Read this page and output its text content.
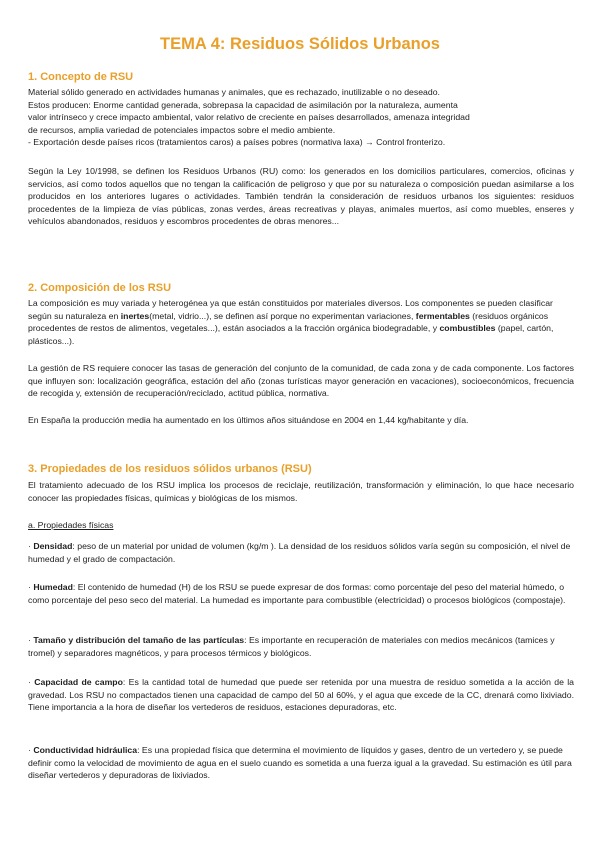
TEMA 4: Residuos Sólidos Urbanos
1. Concepto de RSU
Material sólido generado en actividades humanas y animales, que es rechazado, inutilizable o no deseado.
Estos producen: Enorme cantidad generada, sobrepasa la capacidad de asimilación por la naturaleza, aumenta
valor intrínseco y crece impacto ambiental, valor relativo de creciente en países desarrollados, amenaza integridad
de recursos, amplia variedad de potenciales impactos sobre el medio ambiente.
- Exportación desde países ricos (tratamientos caros) a países pobres (normativa laxa) → Control fronterizo.

Según la Ley 10/1998, se definen los Residuos Urbanos (RU) como: los generados en los domicilios particulares, comercios, oficinas y servicios, así como todos aquellos que no tengan la calificación de peligroso y que por su naturaleza o composición puedan asimilarse a los producidos en los anteriores lugares o actividades. También tendrán la consideración de residuos urbanos los siguientes: residuos procedentes de la limpieza de vías públicas, zonas verdes, áreas recreativas y playas, animales muertos, así como muebles, enseres y vehículos abandonados, residuos y escombros procedentes de obras menores...

2. Composición de los RSU

La composición es muy variada y heterogénea ya que están constituidos por materiales diversos. Los componentes se pueden clasificar según su naturaleza en inertes(metal, vidrio...), se definen así porque no experimentan variaciones, fermentables (residuos orgánicos procedentes de restos de alimentos, vegetales...), están asociados a la fracción orgánica biodegradable, y combustibles (papel, cartón, plásticos...).

La gestión de RS requiere conocer las tasas de generación del conjunto de la comunidad, de cada zona y de cada componente. Los factores que influyen son: localización geográfica, estación del año (zonas turísticas mayor generación en vacaciones), socioeconómicos, frecuencia de recogida y, extensión de recuperación/reciclado, actitud pública, normativa.

En España la producción media ha aumentado en los últimos años situándose en 2004 en 1,44 kg/habitante y día.

3. Propiedades de los residuos sólidos urbanos (RSU)

El tratamiento adecuado de los RSU implica los procesos de reciclaje, reutilización, transformación y eliminación, lo que hace necesario conocer las propiedades físicas, químicas y biológicas de los mismos.

a. Propiedades físicas

· Densidad: peso de un material por unidad de volumen (kg/m ). La densidad de los residuos sólidos varía según su composición, el nivel de humedad y el grado de compactación.

· Humedad: El contenido de humedad (H) de los RSU se puede expresar de dos formas: como porcentaje del peso del material húmedo, o como porcentaje del peso seco del material. La humedad es importante para combustible (electricidad) o procesos biológicos (compostaje).

· Tamaño y distribución del tamaño de las partículas: Es importante en recuperación de materiales con medios mecánicos (tamices y tromel) y separadores magnéticos, y para procesos térmicos y biológicos.

· Capacidad de campo: Es la cantidad total de humedad que puede ser retenida por una muestra de residuo sometida a la acción de la gravedad. Los RSU no compactados tienen una capacidad de campo del 50 al 60%, y el agua que excede de la CC, drenará como lixiviado. Tiene importancia a la hora de diseñar los vertederos de residuos, estaciones depuradoras, etc.

· Conductividad hidráulica: Es una propiedad física que determina el movimiento de líquidos y gases, dentro de un vertedero y, se puede definir como la velocidad de movimiento de agua en el suelo cuando es sometida a una fuerza igual a la gravedad. Su estimación es útil para diseñar vertederos y depuradoras de lixiviados.
